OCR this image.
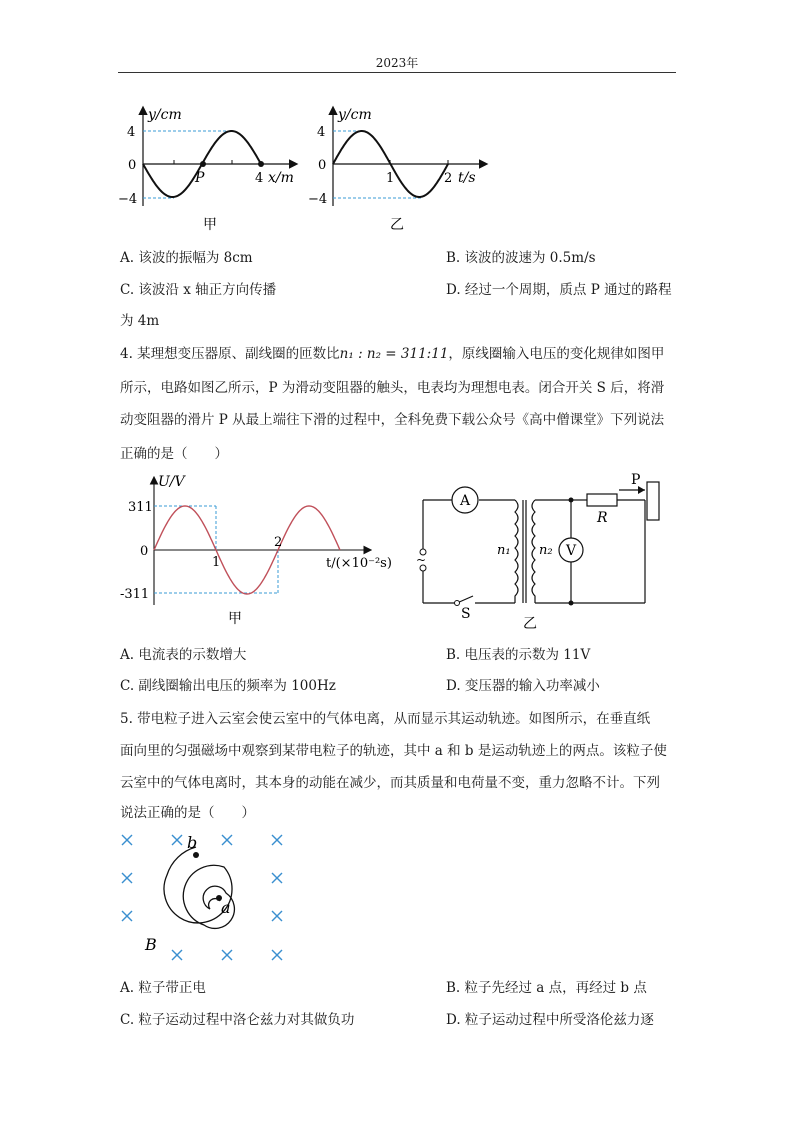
2023年
y/cm
4
0
−4
P	4 x/m
甲
y/cm
4
0
−4
1	2 t/s
乙
A. 该波的振幅为 8cm	B. 该波的波速为 0.5m/s
C. 该波沿 x 轴正方向传播	D. 经过一个周期，质点 P 通过的路程
为 4m
4. 某理想变压器原、副线圈的匝数比n₁ : n₂ = 311:11，原线圈输入电压的变化规律如图甲
所示，电路如图乙所示，P 为滑动变阻器的触头，电表均为理想电表。闭合开关 S 后，将滑
动变阻器的滑片 P 从最上端往下滑的过程中，全科免费下载公众号《高中僧课堂》下列说法
正确的是（　　）
U/V
311
0
-311
1
2
t/(×10⁻²s)
甲
~
A
V
P
R
n₁ n₂
S
乙
A. 电流表的示数增大	B. 电压表的示数为 11V
C. 副线圈输出电压的频率为 100Hz	D. 变压器的输入功率减小
5. 带电粒子进入云室会使云室中的气体电离，从而显示其运动轨迹。如图所示，在垂直纸
面向里的匀强磁场中观察到某带电粒子的轨迹，其中 a 和 b 是运动轨迹上的两点。该粒子使
云室中的气体电离时，其本身的动能在减少，而其质量和电荷量不变，重力忽略不计。下列
说法正确的是（　　）
b
a
B
A. 粒子带正电	B. 粒子先经过 a 点，再经过 b 点
C. 粒子运动过程中洛仑兹力对其做负功	D. 粒子运动过程中所受洛伦兹力逐
